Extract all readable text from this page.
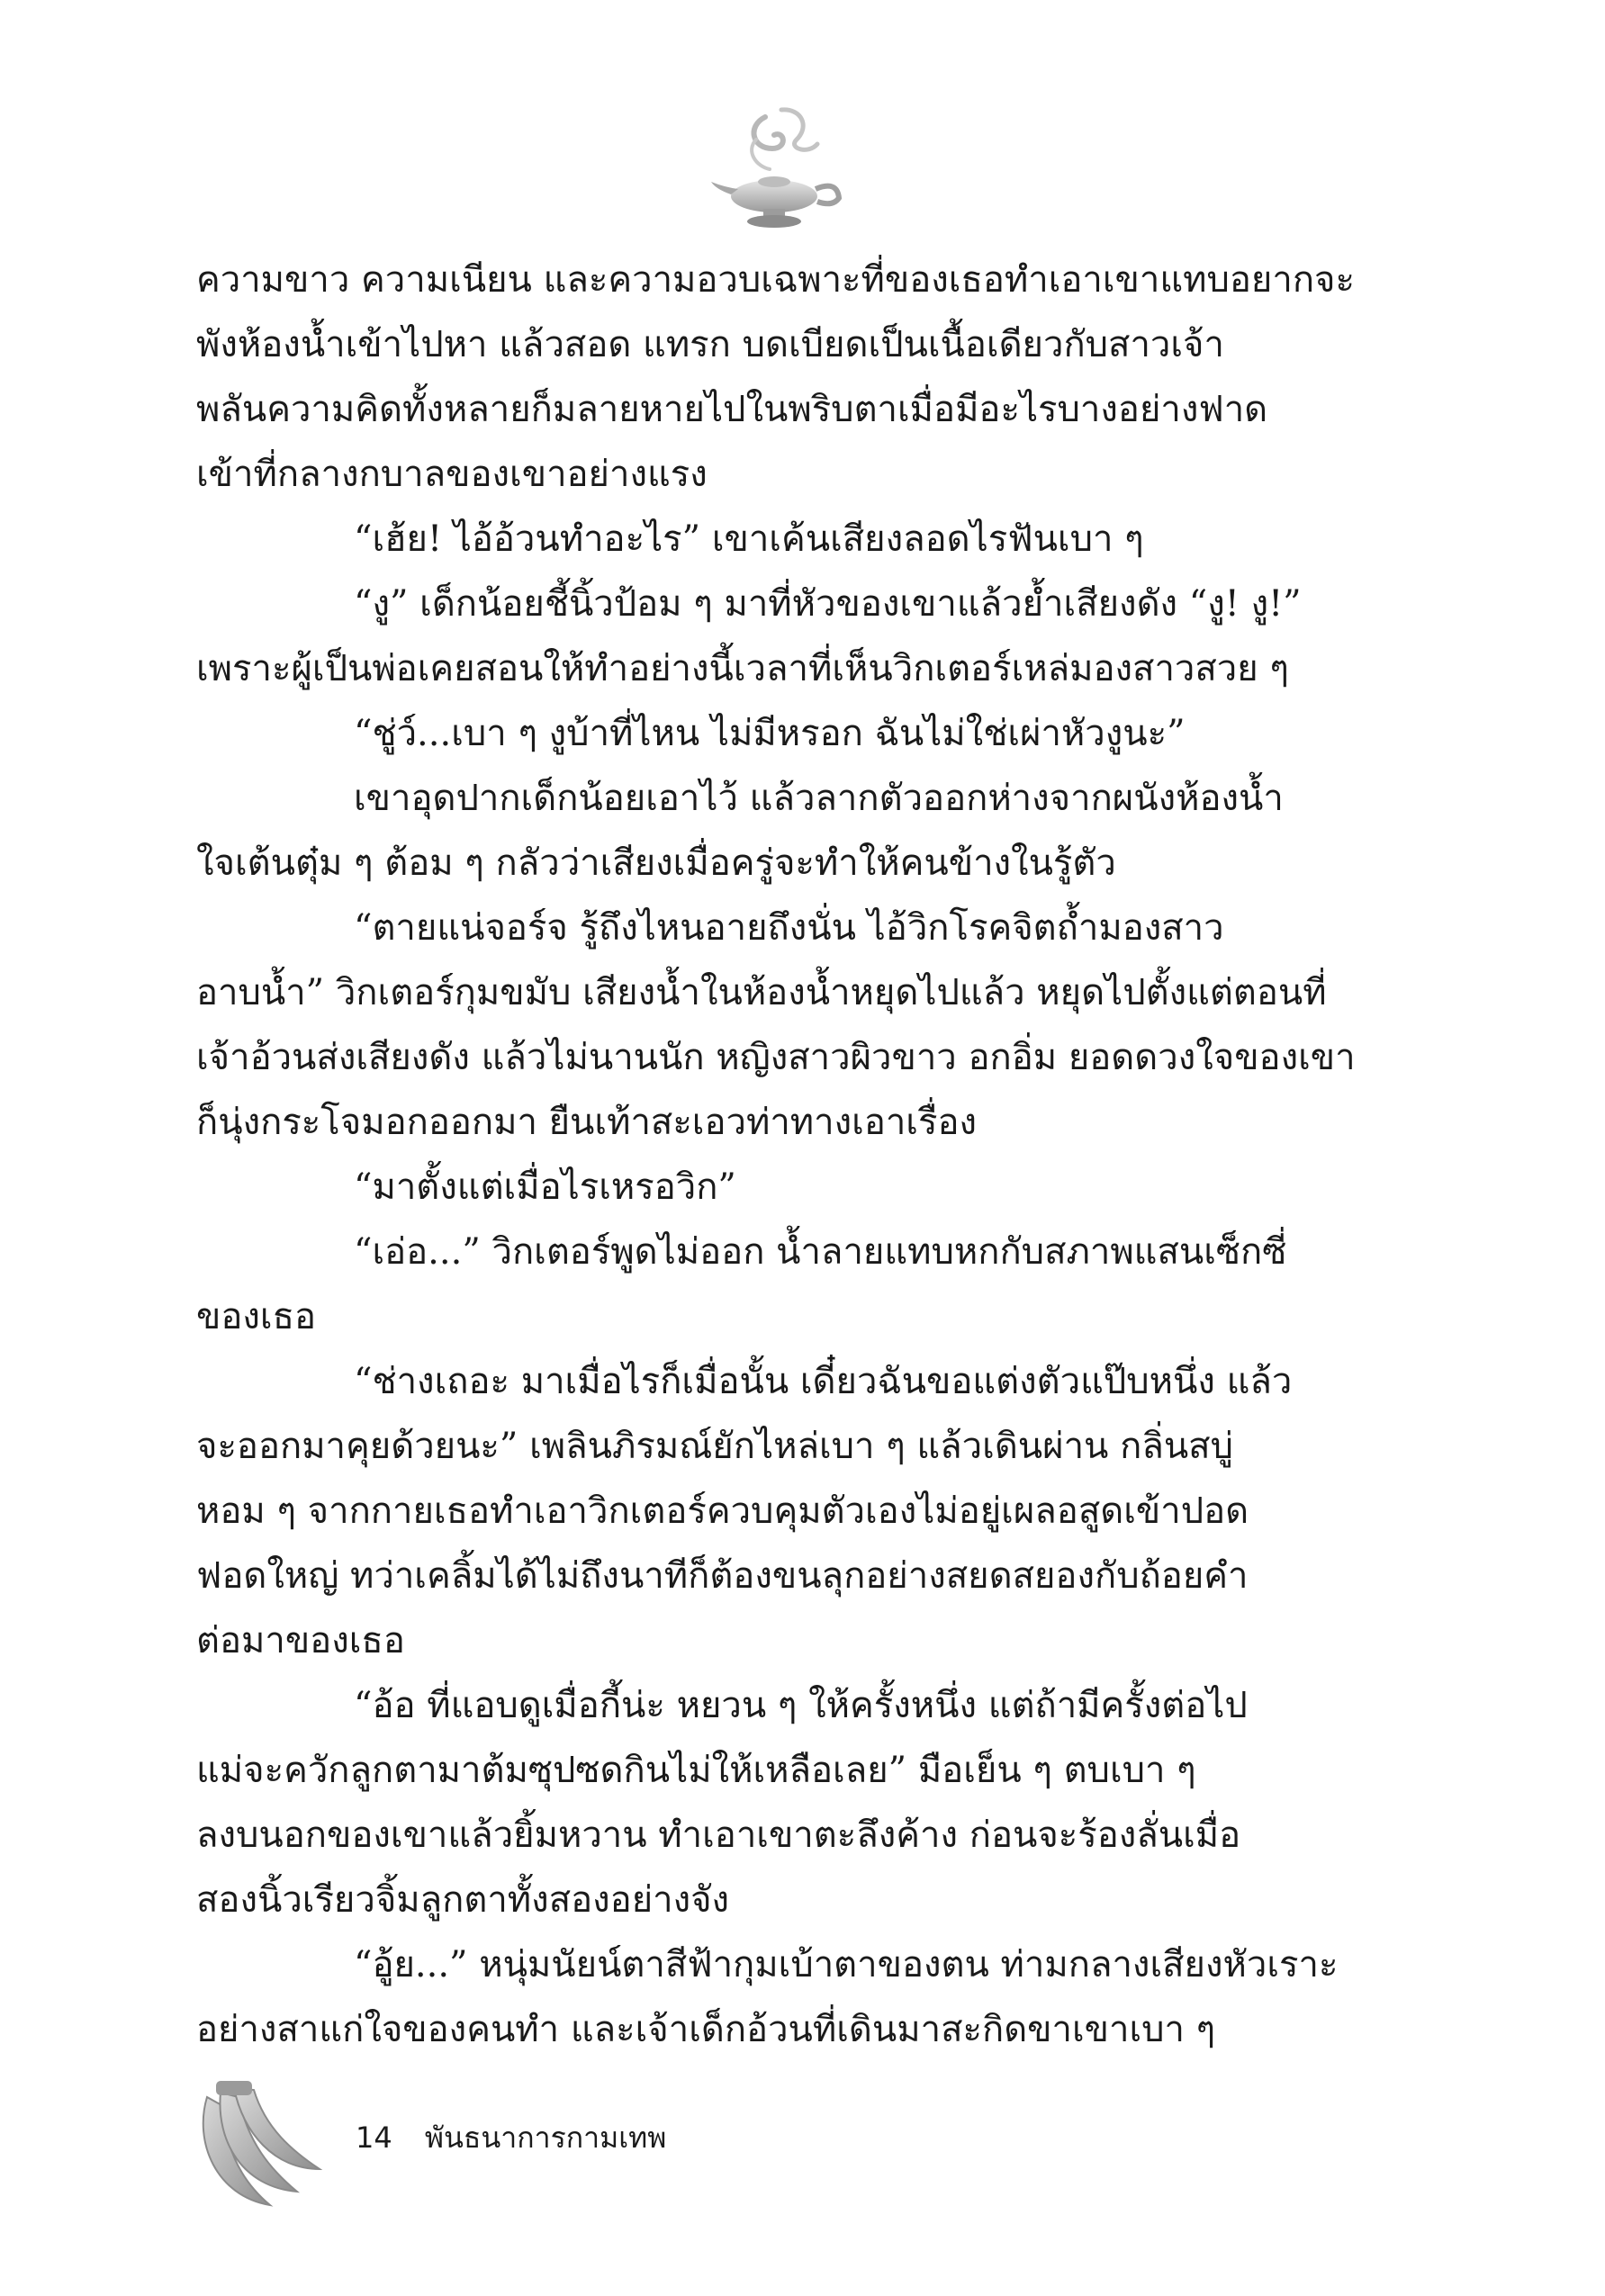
ความขาว ความเนียน และความอวบเฉพาะที่ของเธอทำเอาเขาแทบอยากจะ
พังห้องน้ำเข้าไปหา แล้วสอด แทรก บดเบียดเป็นเนื้อเดียวกับสาวเจ้า
พลันความคิดทั้งหลายก็มลายหายไปในพริบตาเมื่อมีอะไรบางอย่างฟาด
เข้าที่กลางกบาลของเขาอย่างแรง
“เฮ้ย! ไอ้อ้วนทำอะไร” เขาเค้นเสียงลอดไรฟันเบา ๆ
“งู” เด็กน้อยชี้นิ้วป้อม ๆ มาที่หัวของเขาแล้วย้ำเสียงดัง “งู! งู!”
เพราะผู้เป็นพ่อเคยสอนให้ทำอย่างนี้เวลาที่เห็นวิกเตอร์เหล่มองสาวสวย ๆ
“ชู่ว์...เบา ๆ งูบ้าที่ไหน ไม่มีหรอก ฉันไม่ใช่เผ่าหัวงูนะ”
เขาอุดปากเด็กน้อยเอาไว้ แล้วลากตัวออกห่างจากผนังห้องน้ำ
ใจเต้นตุ๋ม ๆ ต้อม ๆ กลัวว่าเสียงเมื่อครู่จะทำให้คนข้างในรู้ตัว
“ตายแน่จอร์จ รู้ถึงไหนอายถึงนั่น ไอ้วิกโรคจิตถ้ำมองสาว
อาบน้ำ” วิกเตอร์กุมขมับ เสียงน้ำในห้องน้ำหยุดไปแล้ว หยุดไปตั้งแต่ตอนที่
เจ้าอ้วนส่งเสียงดัง แล้วไม่นานนัก หญิงสาวผิวขาว อกอิ่ม ยอดดวงใจของเขา
ก็นุ่งกระโจมอกออกมา ยืนเท้าสะเอวท่าทางเอาเรื่อง
“มาตั้งแต่เมื่อไรเหรอวิก”
“เอ่อ...” วิกเตอร์พูดไม่ออก น้ำลายแทบหกกับสภาพแสนเซ็กซี่
ของเธอ
“ช่างเถอะ มาเมื่อไรก็เมื่อนั้น เดี๋ยวฉันขอแต่งตัวแป๊บหนึ่ง แล้ว
จะออกมาคุยด้วยนะ” เพลินภิรมณ์ยักไหล่เบา ๆ แล้วเดินผ่าน กลิ่นสบู่
หอม ๆ จากกายเธอทำเอาวิกเตอร์ควบคุมตัวเองไม่อยู่เผลอสูดเข้าปอด
ฟอดใหญ่ ทว่าเคลิ้มได้ไม่ถึงนาทีก็ต้องขนลุกอย่างสยดสยองกับถ้อยคำ
ต่อมาของเธอ
“อ้อ ที่แอบดูเมื่อกี้น่ะ หยวน ๆ ให้ครั้งหนึ่ง แต่ถ้ามีครั้งต่อไป
แม่จะควักลูกตามาต้มซุปซดกินไม่ให้เหลือเลย” มือเย็น ๆ ตบเบา ๆ
ลงบนอกของเขาแล้วยิ้มหวาน ทำเอาเขาตะลึงค้าง ก่อนจะร้องลั่นเมื่อ
สองนิ้วเรียวจิ้มลูกตาทั้งสองอย่างจัง
“อู้ย...” หนุ่มนัยน์ตาสีฟ้ากุมเบ้าตาของตน ท่ามกลางเสียงหัวเราะ
อย่างสาแก่ใจของคนทำ และเจ้าเด็กอ้วนที่เดินมาสะกิดขาเขาเบา ๆ
14 พันธนาการกามเทพ
